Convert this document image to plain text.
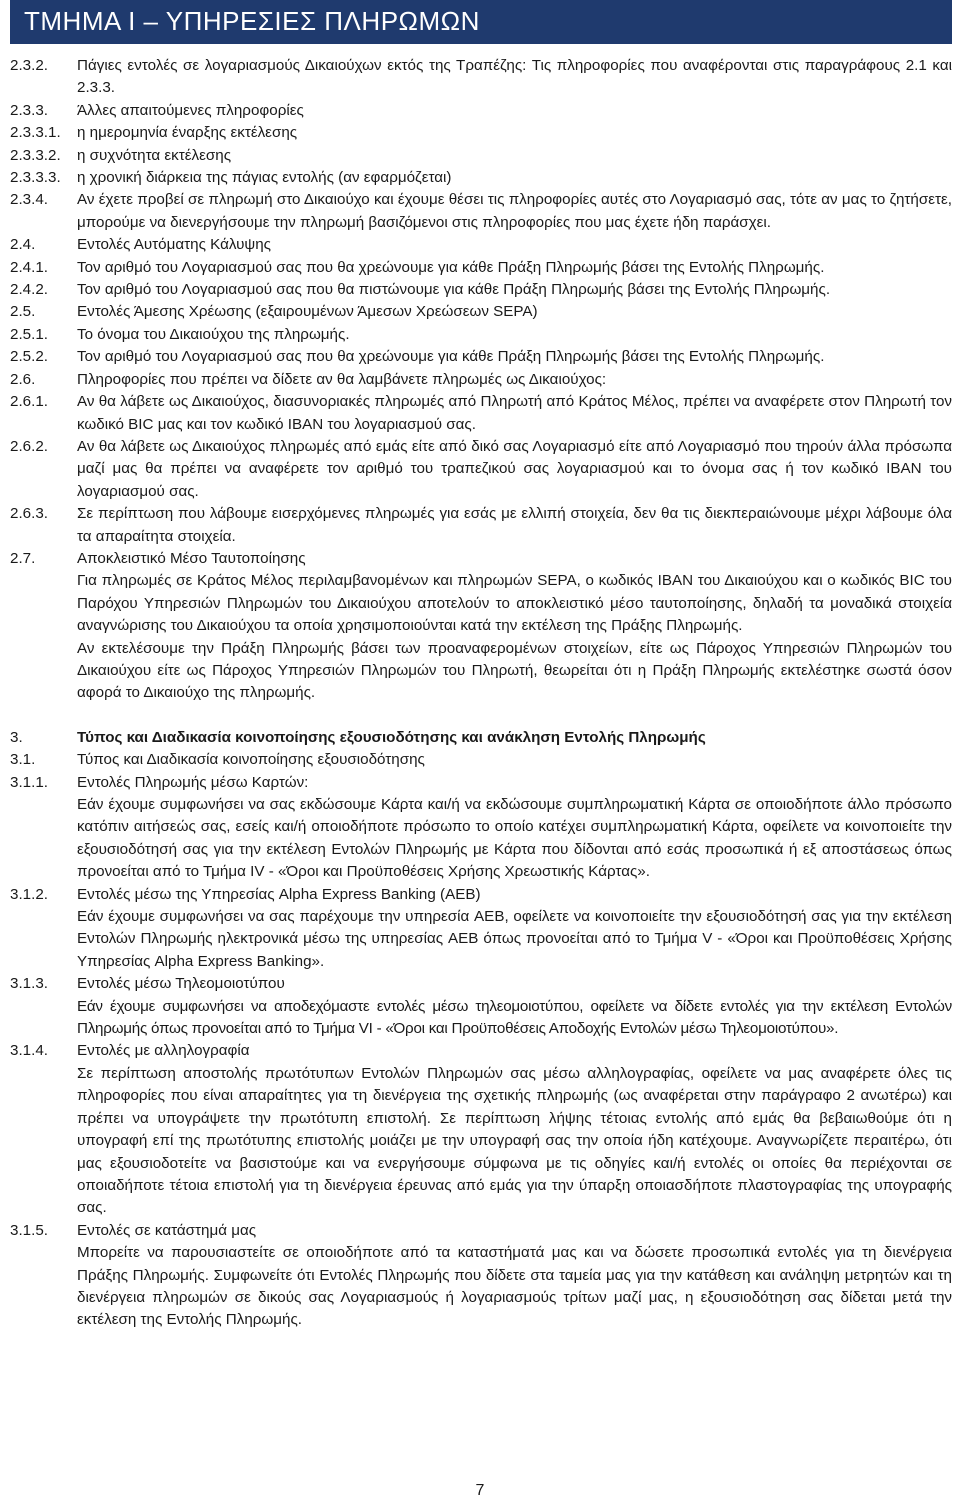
ΤΜΗΜΑ Ι – ΥΠΗΡΕΣΙΕΣ ΠΛΗΡΩΜΩΝ
2.3.2.	Πάγιες εντολές σε λογαριασμούς Δικαιούχων εκτός της Τραπέζης: Τις πληροφορίες που αναφέρονται στις παραγράφους 2.1 και 2.3.3.
2.3.3.	Άλλες απαιτούμενες πληροφορίες
2.3.3.1.	η ημερομηνία έναρξης εκτέλεσης
2.3.3.2.	η συχνότητα εκτέλεσης
2.3.3.3.	η χρονική διάρκεια της πάγιας εντολής (αν εφαρμόζεται)
2.3.4.	Αν έχετε προβεί σε πληρωμή στο Δικαιούχο και έχουμε θέσει τις πληροφορίες αυτές στο Λογαριασμό σας, τότε αν μας το ζητήσετε, μπορούμε να διενεργήσουμε την πληρωμή βασιζόμενοι στις πληροφορίες που μας έχετε ήδη παράσχει.
2.4.	Εντολές Αυτόματης Κάλυψης
2.4.1.	Τον αριθμό του Λογαριασμού σας που θα χρεώνουμε για κάθε Πράξη Πληρωμής βάσει της Εντολής Πληρωμής.
2.4.2.	Τον αριθμό του Λογαριασμού σας που θα πιστώνουμε για κάθε Πράξη Πληρωμής βάσει της Εντολής Πληρωμής.
2.5.	Εντολές Άμεσης Χρέωσης (εξαιρουμένων Άμεσων Χρεώσεων SEPA)
2.5.1.	Το όνομα του Δικαιούχου της πληρωμής.
2.5.2.	Τον αριθμό του Λογαριασμού σας που θα χρεώνουμε για κάθε Πράξη Πληρωμής βάσει της Εντολής Πληρωμής.
2.6.	Πληροφορίες που πρέπει να δίδετε αν θα λαμβάνετε πληρωμές ως Δικαιούχος:
2.6.1.	Αν θα λάβετε ως Δικαιούχος, διασυνοριακές πληρωμές από Πληρωτή από Κράτος Μέλος, πρέπει να αναφέρετε στον Πληρωτή τον κωδικό BIC μας και τον κωδικό IBAN του λογαριασμού σας.
2.6.2.	Αν θα λάβετε ως Δικαιούχος πληρωμές από εμάς είτε από δικό σας Λογαριασμό είτε από Λογαριασμό που τηρούν άλλα πρόσωπα μαζί μας θα πρέπει να αναφέρετε τον αριθμό του τραπεζικού σας λογαριασμού και το όνομα σας ή τον κωδικό IBAN του λογαριασμού σας.
2.6.3.	Σε περίπτωση που λάβουμε εισερχόμενες πληρωμές για εσάς με ελλιπή στοιχεία, δεν θα τις διεκπεραιώνουμε μέχρι λάβουμε όλα τα απαραίτητα στοιχεία.
2.7.	Αποκλειστικό Μέσο Ταυτοποίησης
Για πληρωμές σε Κράτος Μέλος περιλαμβανομένων και πληρωμών SEPA, ο κωδικός IBAN του Δικαιούχου και ο κωδικός BIC του Παρόχου Υπηρεσιών Πληρωμών του Δικαιούχου αποτελούν το αποκλειστικό μέσο ταυτοποίησης, δηλαδή τα μοναδικά στοιχεία αναγνώρισης του Δικαιούχου τα οποία χρησιμοποιούνται κατά την εκτέλεση της Πράξης Πληρωμής.
Αν εκτελέσουμε την Πράξη Πληρωμής βάσει των προαναφερομένων στοιχείων, είτε ως Πάροχος Υπηρεσιών Πληρωμών του Δικαιούχου είτε ως Πάροχος Υπηρεσιών Πληρωμών του Πληρωτή, θεωρείται ότι η Πράξη Πληρωμής εκτελέστηκε σωστά όσον αφορά το Δικαιούχο της πληρωμής.
3.	Τύπος και Διαδικασία κοινοποίησης εξουσιοδότησης και ανάκληση Εντολής Πληρωμής
3.1.	Τύπος και Διαδικασία κοινοποίησης εξουσιοδότησης
3.1.1.	Εντολές Πληρωμής μέσω Καρτών:
Εάν έχουμε συμφωνήσει να σας εκδώσουμε Κάρτα και/ή να εκδώσουμε συμπληρωματική Κάρτα σε οποιοδήποτε άλλο πρόσωπο κατόπιν αιτήσεώς σας, εσείς και/ή οποιοδήποτε πρόσωπο το οποίο κατέχει συμπληρωματική Κάρτα, οφείλετε να κοινοποιείτε την εξουσιοδότησή σας για την εκτέλεση Εντολών Πληρωμής με Κάρτα που δίδονται από εσάς προσωπικά ή εξ αποστάσεως όπως προνοείται από το Τμήμα IV - «Όροι και Προϋποθέσεις Χρήσης Χρεωστικής Κάρτας».
3.1.2.	Εντολές μέσω της Υπηρεσίας Alpha Express Banking (AEB)
Εάν έχουμε συμφωνήσει να σας παρέχουμε την υπηρεσία AEB, οφείλετε να κοινοποιείτε την εξουσιοδότησή σας για την εκτέλεση Εντολών Πληρωμής ηλεκτρονικά μέσω της υπηρεσίας AEB όπως προνοείται από το Τμήμα V - «Όροι και Προϋποθέσεις Χρήσης Υπηρεσίας Alpha Express Banking».
3.1.3.	Εντολές μέσω Τηλεομοιοτύπου
Εάν έχουμε συμφωνήσει να αποδεχόμαστε εντολές μέσω τηλεομοιοτύπου, οφείλετε να δίδετε εντολές για την εκτέλεση Εντολών Πληρωμής όπως προνοείται από το Τμήμα VI - «Όροι και Προϋποθέσεις Αποδοχής Εντολών μέσω Τηλεομοιοτύπου».
3.1.4.	Εντολές με αλληλογραφία
Σε περίπτωση αποστολής πρωτότυπων Εντολών Πληρωμών σας μέσω αλληλογραφίας, οφείλετε να μας αναφέρετε όλες τις πληροφορίες που είναι απαραίτητες για τη διενέργεια της σχετικής πληρωμής (ως αναφέρεται στην παράγραφο 2 ανωτέρω) και πρέπει να υπογράψετε την πρωτότυπη επιστολή. Σε περίπτωση λήψης τέτοιας εντολής από εμάς θα βεβαιωθούμε ότι η υπογραφή επί της πρωτότυπης επιστολής μοιάζει με την υπογραφή σας την οποία ήδη κατέχουμε. Αναγνωρίζετε περαιτέρω, ότι μας εξουσιοδοτείτε να βασιστούμε και να ενεργήσουμε σύμφωνα με τις οδηγίες και/ή εντολές οι οποίες θα περιέχονται σε οποιαδήποτε τέτοια επιστολή για τη διενέργεια έρευνας από εμάς για την ύπαρξη οποιασδήποτε πλαστογραφίας της υπογραφής σας.
3.1.5.	Εντολές σε κατάστημά μας
Μπορείτε να παρουσιαστείτε σε οποιοδήποτε από τα καταστήματά μας και να δώσετε προσωπικά εντολές για τη διενέργεια Πράξης Πληρωμής. Συμφωνείτε ότι Εντολές Πληρωμής που δίδετε στα ταμεία μας για την κατάθεση και ανάληψη μετρητών και τη διενέργεια πληρωμών σε δικούς σας Λογαριασμούς ή λογαριασμούς τρίτων μαζί μας, η εξουσιοδότηση σας δίδεται μετά την εκτέλεση της Εντολής Πληρωμής.
7
